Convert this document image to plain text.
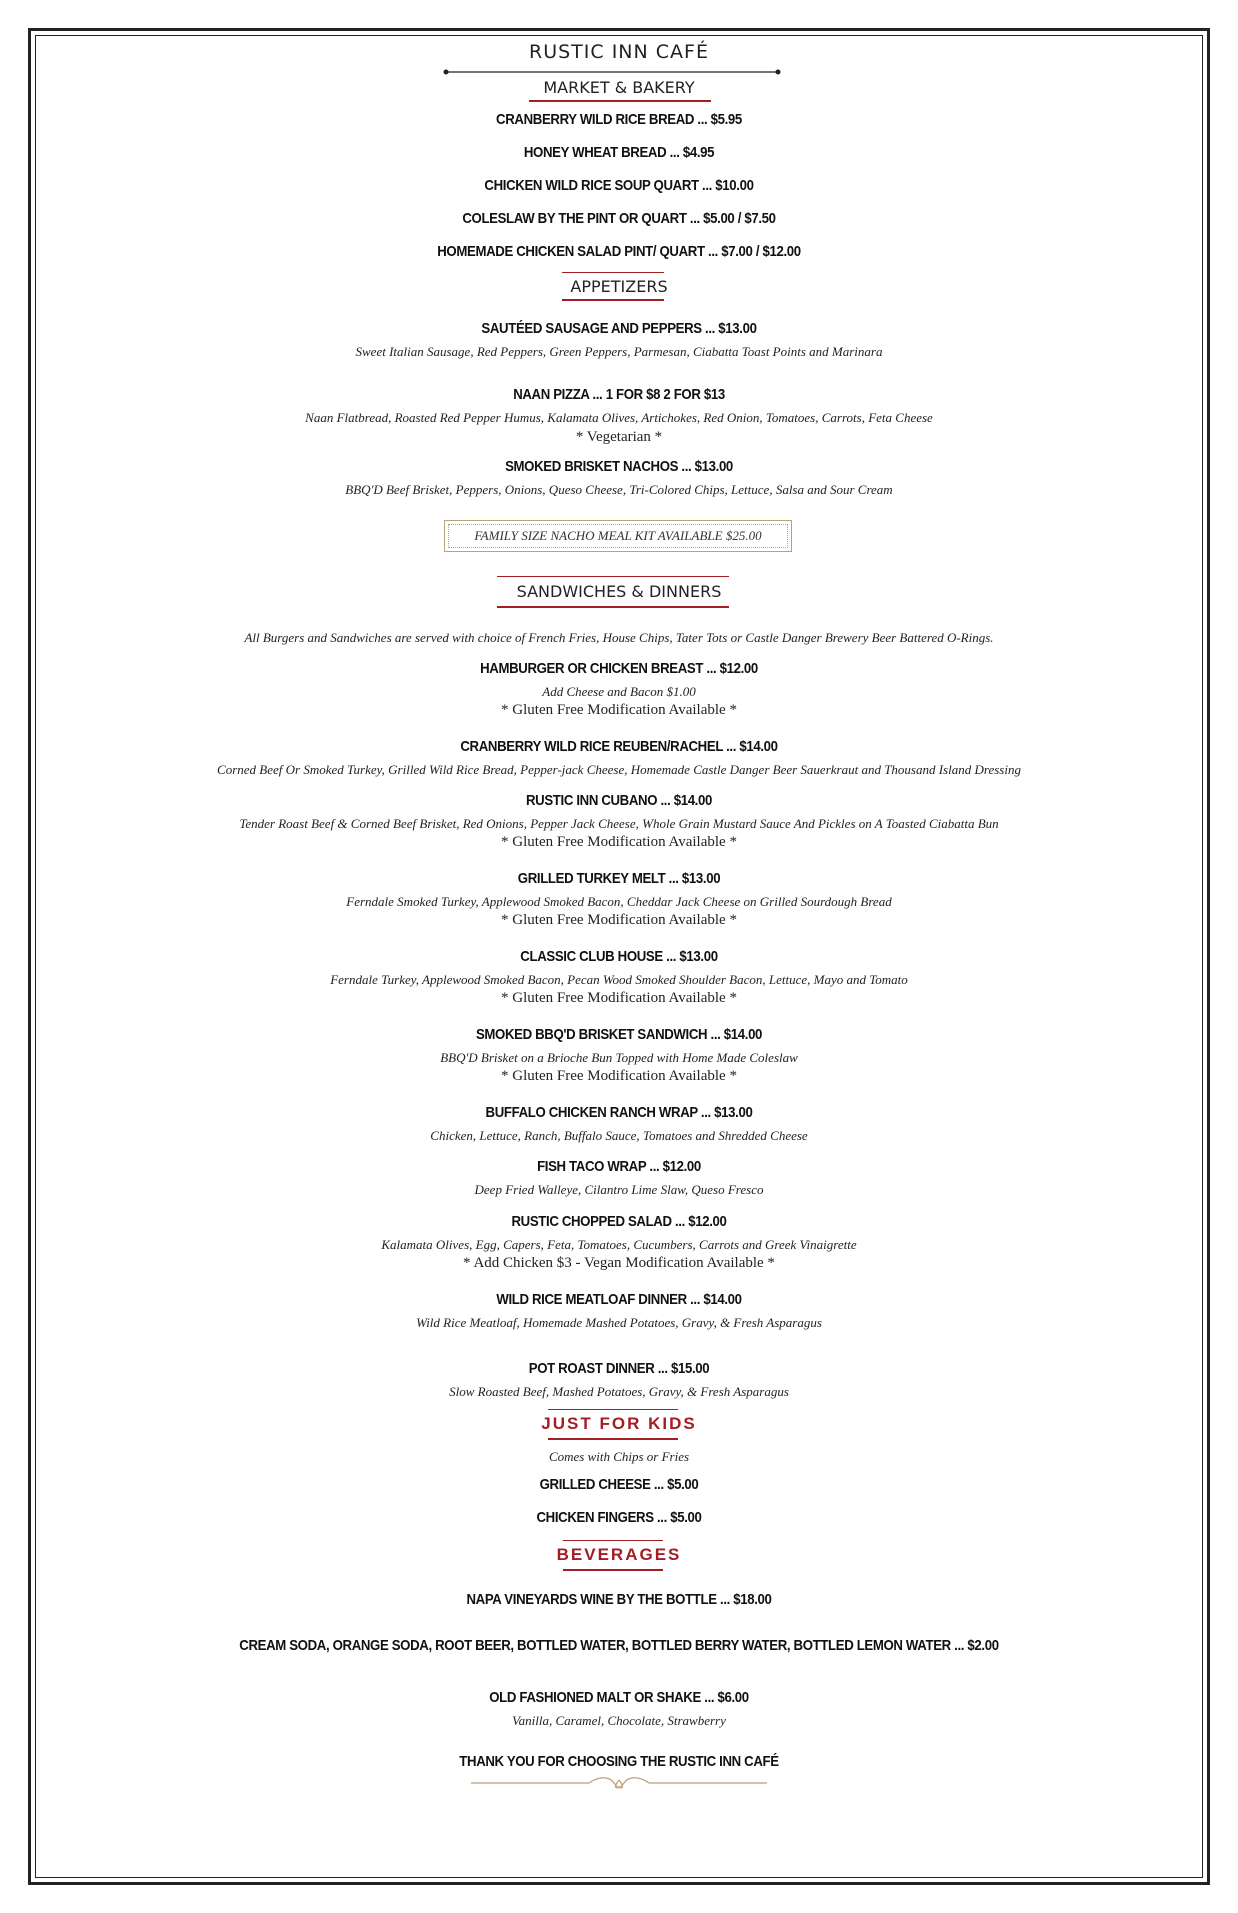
RUSTIC INN CAFÉ
MARKET & BAKERY
CRANBERRY WILD RICE BREAD ... $5.95
HONEY WHEAT BREAD ... $4.95
CHICKEN WILD RICE SOUP QUART ... $10.00
COLESLAW BY THE PINT OR QUART ... $5.00 / $7.50
HOMEMADE CHICKEN SALAD PINT/ QUART ... $7.00 / $12.00
APPETIZERS
SAUTÉED SAUSAGE AND PEPPERS ... $13.00
Sweet Italian Sausage, Red Peppers, Green Peppers, Parmesan, Ciabatta Toast Points and Marinara
NAAN PIZZA ... 1 FOR $8 2 FOR $13
Naan Flatbread, Roasted Red Pepper Humus, Kalamata Olives, Artichokes, Red Onion, Tomatoes, Carrots, Feta Cheese
* Vegetarian *
SMOKED BRISKET NACHOS ... $13.00
BBQ'D Beef Brisket, Peppers, Onions, Queso Cheese, Tri-Colored Chips, Lettuce, Salsa and Sour Cream
FAMILY SIZE NACHO MEAL KIT AVAILABLE $25.00
SANDWICHES & DINNERS
All Burgers and Sandwiches are served with choice of French Fries, House Chips, Tater Tots or Castle Danger Brewery Beer Battered O-Rings.
HAMBURGER OR CHICKEN BREAST ... $12.00
Add Cheese and Bacon $1.00
* Gluten Free Modification Available *
CRANBERRY WILD RICE REUBEN/RACHEL ... $14.00
Corned Beef Or Smoked Turkey, Grilled Wild Rice Bread, Pepper-jack Cheese, Homemade Castle Danger Beer Sauerkraut and Thousand Island Dressing
RUSTIC INN CUBANO ... $14.00
Tender Roast Beef & Corned Beef Brisket, Red Onions, Pepper Jack Cheese, Whole Grain Mustard Sauce And Pickles on A Toasted Ciabatta Bun
* Gluten Free Modification Available *
GRILLED TURKEY MELT ... $13.00
Ferndale Smoked Turkey, Applewood Smoked Bacon, Cheddar Jack Cheese on Grilled Sourdough Bread
* Gluten Free Modification Available *
CLASSIC CLUB HOUSE ... $13.00
Ferndale Turkey, Applewood Smoked Bacon, Pecan Wood Smoked Shoulder Bacon, Lettuce, Mayo and Tomato
* Gluten Free Modification Available *
SMOKED BBQ'D BRISKET SANDWICH ... $14.00
BBQ'D Brisket on a Brioche Bun Topped with Home Made Coleslaw
* Gluten Free Modification Available *
BUFFALO CHICKEN RANCH WRAP ... $13.00
Chicken, Lettuce, Ranch, Buffalo Sauce, Tomatoes and Shredded Cheese
FISH TACO WRAP ... $12.00
Deep Fried Walleye, Cilantro Lime Slaw, Queso Fresco
RUSTIC CHOPPED SALAD ... $12.00
Kalamata Olives, Egg, Capers, Feta, Tomatoes, Cucumbers, Carrots and Greek Vinaigrette
* Add Chicken $3 - Vegan Modification Available *
WILD RICE MEATLOAF DINNER ... $14.00
Wild Rice Meatloaf, Homemade Mashed Potatoes, Gravy, & Fresh Asparagus
POT ROAST DINNER ... $15.00
Slow Roasted Beef, Mashed Potatoes, Gravy, & Fresh Asparagus
JUST FOR KIDS
Comes with Chips or Fries
GRILLED CHEESE ... $5.00
CHICKEN FINGERS ... $5.00
BEVERAGES
NAPA VINEYARDS WINE BY THE BOTTLE ... $18.00
CREAM SODA, ORANGE SODA, ROOT BEER, BOTTLED WATER, BOTTLED BERRY WATER, BOTTLED LEMON WATER ... $2.00
OLD FASHIONED MALT OR SHAKE ... $6.00
Vanilla, Caramel, Chocolate, Strawberry
THANK YOU FOR CHOOSING THE RUSTIC INN CAFÉ
